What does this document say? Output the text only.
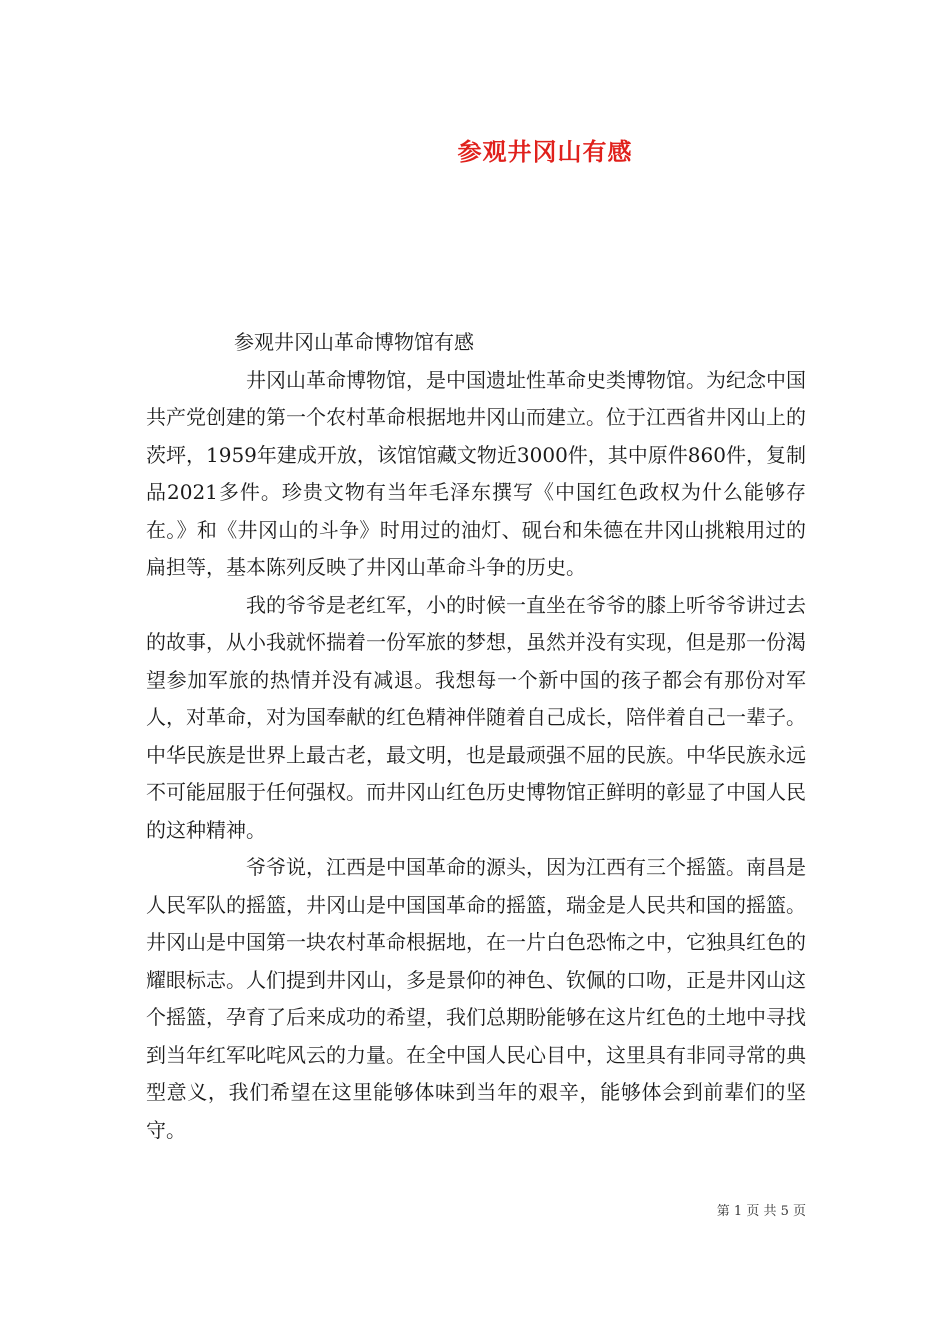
参观井冈山有感

参观井冈山革命博物馆有感

井冈山革命博物馆，是中国遗址性革命史类博物馆。为纪念中国共产党创建的第一个农村革命根据地井冈山而建立。位于江西省井冈山上的茨坪，1959年建成开放，该馆馆藏文物近3000件，其中原件860件，复制品2021多件。珍贵文物有当年毛泽东撰写《中国红色政权为什么能够存在。》和《井冈山的斗争》时用过的油灯、砚台和朱德在井冈山挑粮用过的扁担等，基本陈列反映了井冈山革命斗争的历史。

我的爷爷是老红军，小的时候一直坐在爷爷的膝上听爷爷讲过去的故事，从小我就怀揣着一份军旅的梦想，虽然并没有实现，但是那一份渴望参加军旅的热情并没有减退。我想每一个新中国的孩子都会有那份对军人，对革命，对为国奉献的红色精神伴随着自己成长，陪伴着自己一辈子。中华民族是世界上最古老，最文明，也是最顽强不屈的民族。中华民族永远不可能屈服于任何强权。而井冈山红色历史博物馆正鲜明的彰显了中国人民的这种精神。

爷爷说，江西是中国革命的源头，因为江西有三个摇篮。南昌是人民军队的摇篮，井冈山是中国国革命的摇篮，瑞金是人民共和国的摇篮。井冈山是中国第一块农村革命根据地，在一片白色恐怖之中，它独具红色的耀眼标志。人们提到井冈山，多是景仰的神色、钦佩的口吻，正是井冈山这个摇篮，孕育了后来成功的希望，我们总期盼能够在这片红色的土地中寻找到当年红军叱咤风云的力量。在全中国人民心目中，这里具有非同寻常的典型意义，我们希望在这里能够体味到当年的艰辛，能够体会到前辈们的坚守。

第 1 页 共 5 页
